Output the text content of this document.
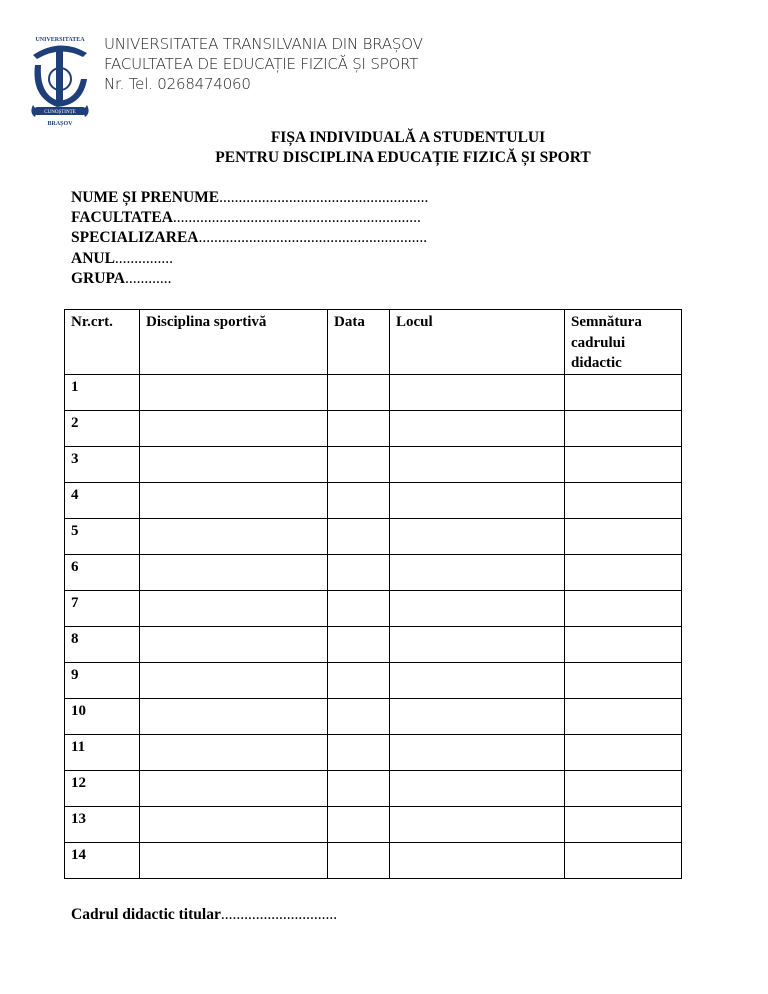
UNIVERSITATEA
CUNOȘTINȚE
BRAȘOV
UNIVERSITATEA TRANSILVANIA DIN BRAȘOV
FACULTATEA DE EDUCAȚIE FIZICĂ ȘI SPORT
Nr. Tel. 0268474060
FIȘA INDIVIDUALĂ A STUDENTULUI
PENTRU DISCIPLINA EDUCAȚIE FIZICĂ ȘI SPORT
NUME ȘI PRENUME......................................................
FACULTATEA................................................................
SPECIALIZAREA...........................................................
ANUL...............
GRUPA............
Nr.crt.	Disciplina sportivă	Data	Locul	Semnătura cadrului didactic
1				
2				
3				
4				
5				
6				
7				
8				
9				
10				
11				
12				
13				
14				
Cadrul didactic titular..............................
